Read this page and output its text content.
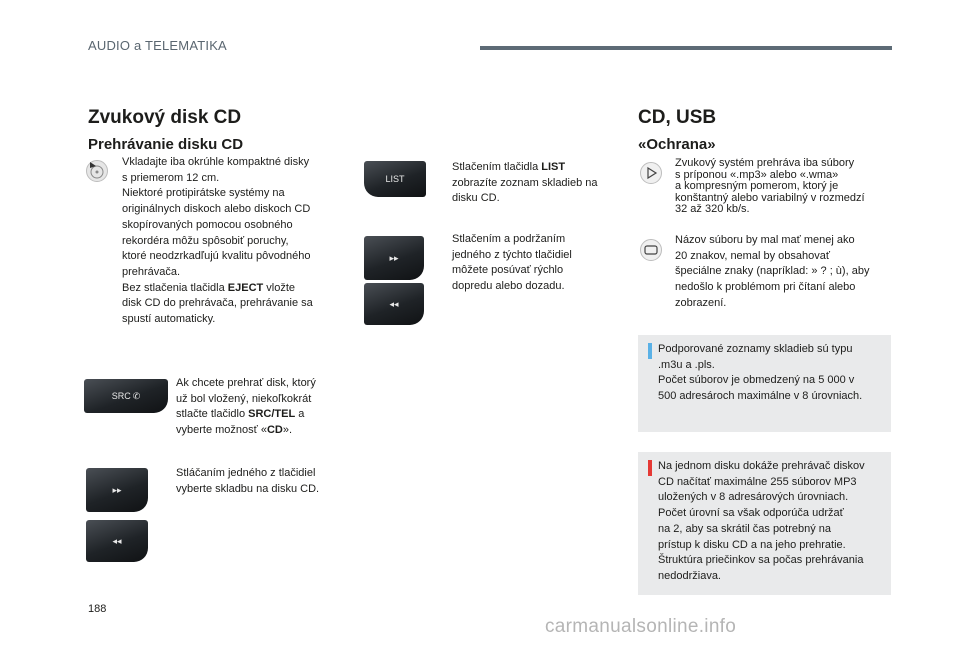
AUDIO a TELEMATIKA
Zvukový disk CD
Prehrávanie disku CD
Vkladajte iba okrúhle kompaktné disky
s priemerom 12 cm.
Niektoré protipirátske systémy na
originálnych diskoch alebo diskoch CD
skopírovaných pomocou osobného
rekordéra môžu spôsobiť poruchy,
ktoré neodzrkadľujú kvalitu pôvodného
prehrávača.
Bez stlačenia tlačidla EJECT vložte
disk CD do prehrávača, prehrávanie sa
spustí automaticky.
SRC ✆
Ak chcete prehrať disk, ktorý
už bol vložený, niekoľkokrát
stlačte tlačidlo SRC/TEL a
vyberte možnosť «CD».
▸▸
◂◂
Stláčaním jedného z tlačidiel
vyberte skladbu na disku CD.
LIST
Stlačením tlačidla LIST
zobrazíte zoznam skladieb na
disku CD.
▸▸
◂◂
Stlačením a podržaním
jedného z týchto tlačidiel
môžete posúvať rýchlo
dopredu alebo dozadu.
CD, USB
«Ochrana»
Zvukový systém prehráva iba súbory
s príponou «.mp3» alebo «.wma»
a kompresným pomerom, ktorý je
konštantný alebo variabilný v rozmedzí
32 až 320 kb/s.
Názov súboru by mal mať menej ako
20 znakov, nemal by obsahovať
špeciálne znaky (napríklad: » ? ; ù), aby
nedošlo k problémom pri čítaní alebo
zobrazení.
Podporované zoznamy skladieb sú typu
.m3u a .pls.
Počet súborov je obmedzený na 5 000 v
500 adresároch maximálne v 8 úrovniach.
Na jednom disku dokáže prehrávač diskov
CD načítať maximálne 255 súborov MP3
uložených v 8 adresárových úrovniach.
Počet úrovní sa však odporúča udržať
na 2, aby sa skrátil čas potrebný na
prístup k disku CD a na jeho prehratie.
Štruktúra priečinkov sa počas prehrávania
nedodržiava.
188
carmanualsonline.info
